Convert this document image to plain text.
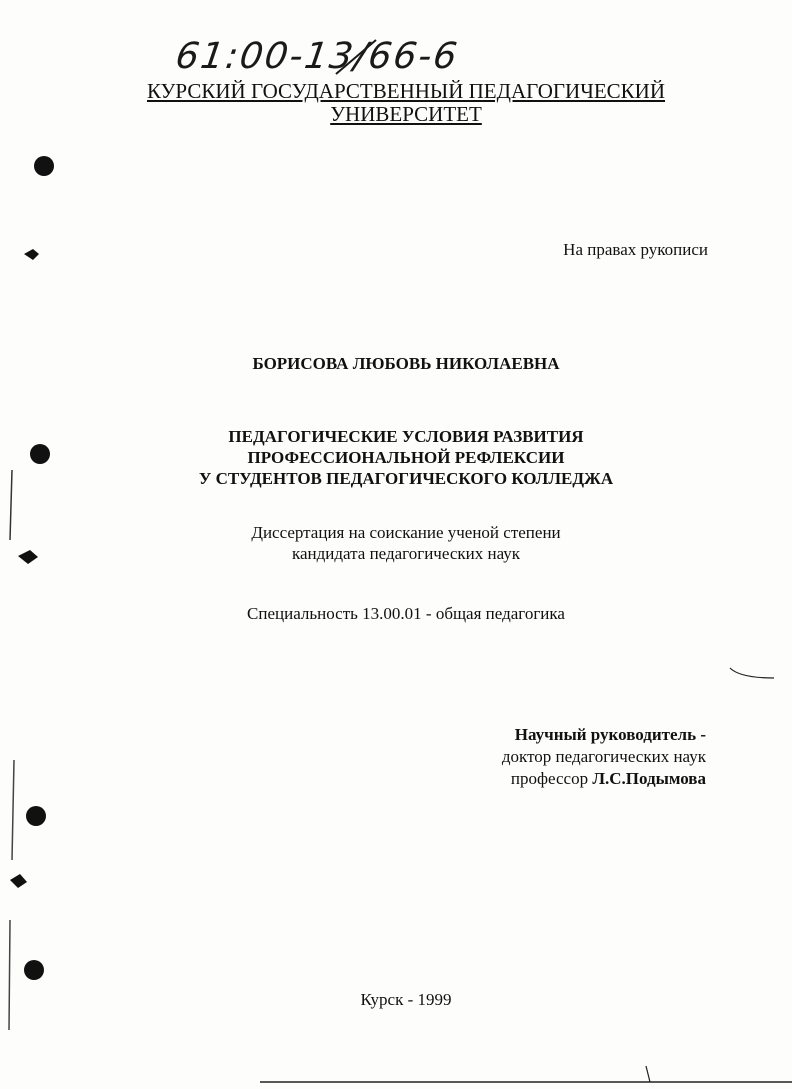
61:00-13/66-6
КУРСКИЙ ГОСУДАРСТВЕННЫЙ ПЕДАГОГИЧЕСКИЙ
УНИВЕРСИТЕТ
На правах рукописи
БОРИСОВА ЛЮБОВЬ НИКОЛАЕВНА
ПЕДАГОГИЧЕСКИЕ УСЛОВИЯ РАЗВИТИЯ
ПРОФЕССИОНАЛЬНОЙ РЕФЛЕКСИИ
У СТУДЕНТОВ ПЕДАГОГИЧЕСКОГО КОЛЛЕДЖА
Диссертация на соискание ученой степени
кандидата педагогических наук
Специальность 13.00.01 - общая педагогика
Научный руководитель -
доктор педагогических наук
профессор Л.С.Подымова
Курск - 1999
